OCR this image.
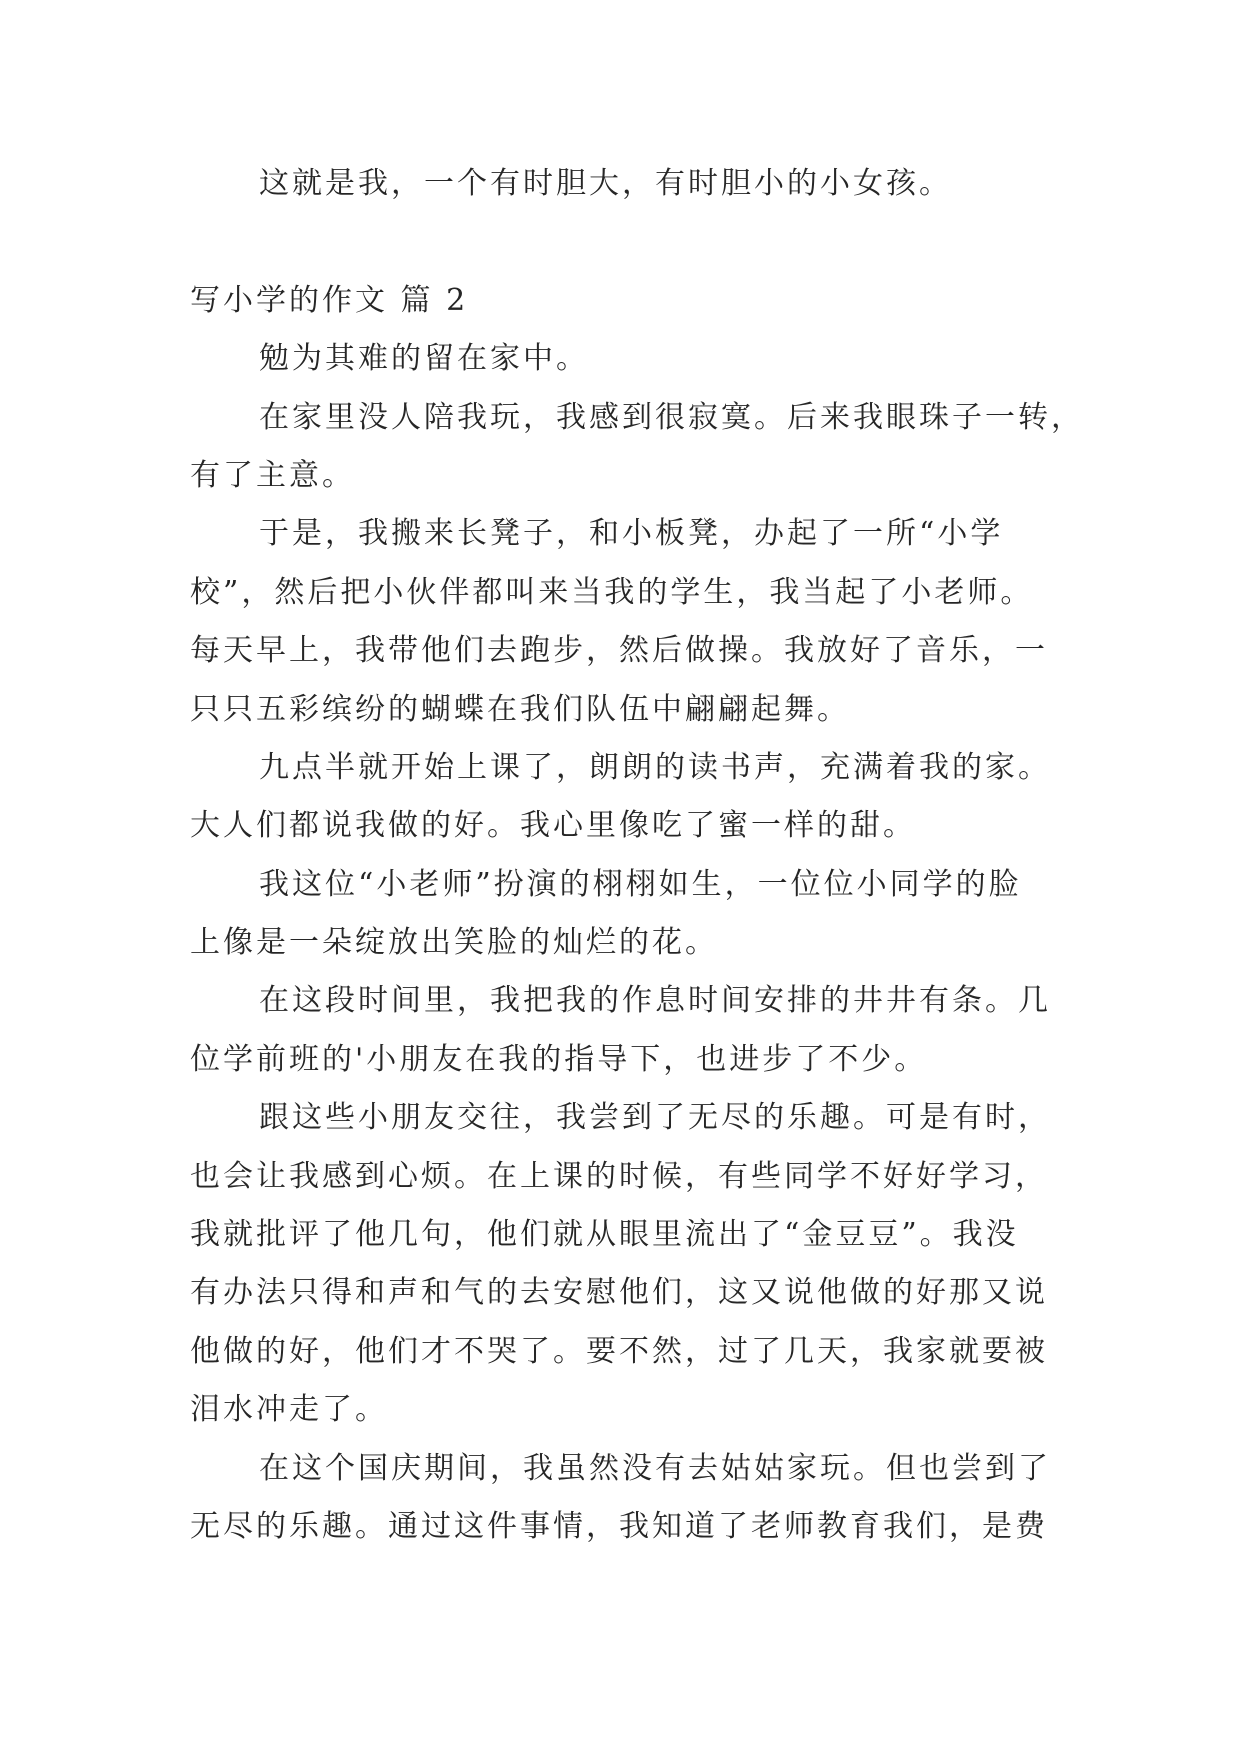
这就是我，一个有时胆大，有时胆小的小女孩。
写小学的作文 篇 2
勉为其难的留在家中。
在家里没人陪我玩，我感到很寂寞。后来我眼珠子一转，
有了主意。
于是，我搬来长凳子，和小板凳，办起了一所“小学
校”，然后把小伙伴都叫来当我的学生，我当起了小老师。
每天早上，我带他们去跑步，然后做操。我放好了音乐，一
只只五彩缤纷的蝴蝶在我们队伍中翩翩起舞。
九点半就开始上课了，朗朗的读书声，充满着我的家。
大人们都说我做的好。我心里像吃了蜜一样的甜。
我这位“小老师”扮演的栩栩如生，一位位小同学的脸
上像是一朵绽放出笑脸的灿烂的花。
在这段时间里，我把我的作息时间安排的井井有条。几
位学前班的'小朋友在我的指导下，也进步了不少。
跟这些小朋友交往，我尝到了无尽的乐趣。可是有时，
也会让我感到心烦。在上课的时候，有些同学不好好学习，
我就批评了他几句，他们就从眼里流出了“金豆豆”。我没
有办法只得和声和气的去安慰他们，这又说他做的好那又说
他做的好，他们才不哭了。要不然，过了几天，我家就要被
泪水冲走了。
在这个国庆期间，我虽然没有去姑姑家玩。但也尝到了
无尽的乐趣。通过这件事情，我知道了老师教育我们，是费
